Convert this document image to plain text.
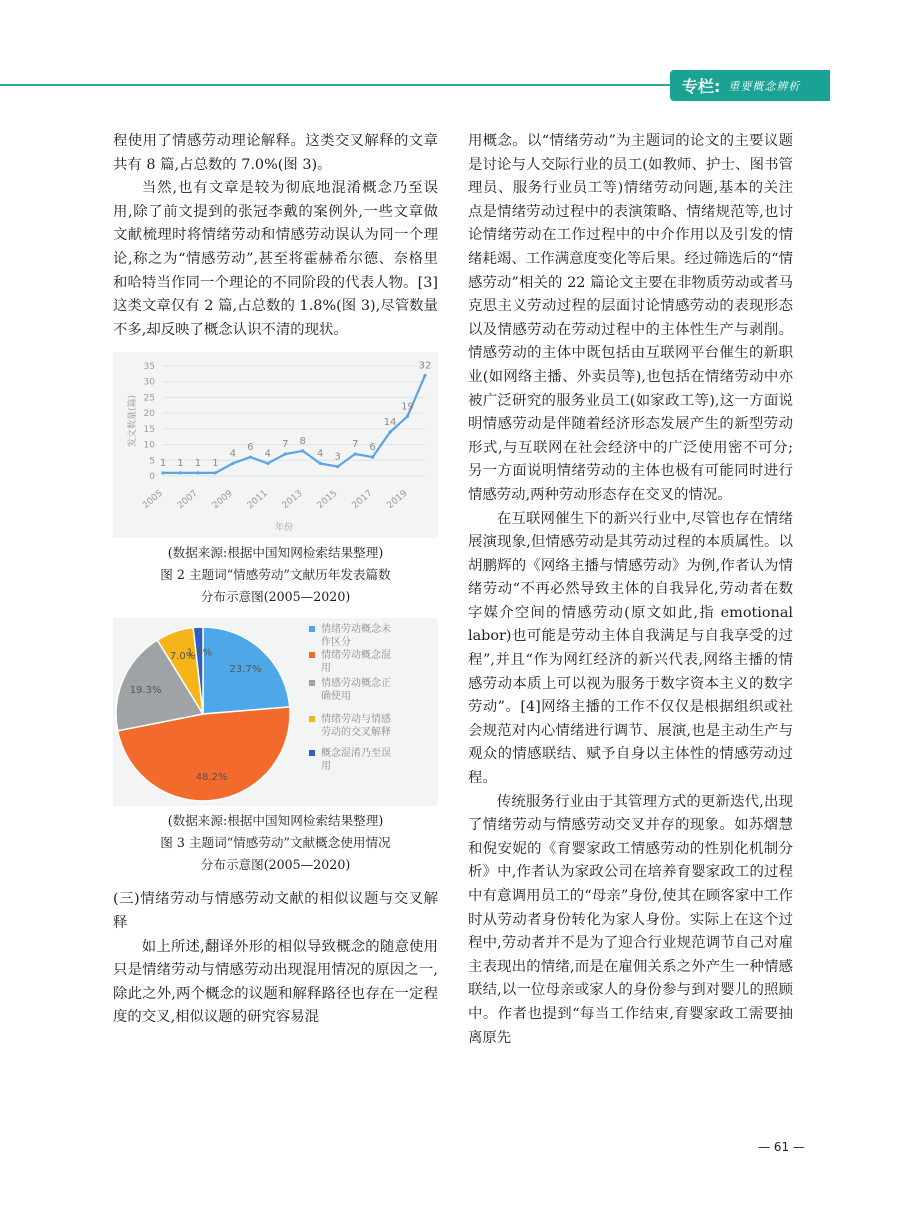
专栏: 重要概念辨析

程使用了情感劳动理论解释。这类交叉解释的文章共有 8 篇,占总数的 7.0%(图 3)。

当然,也有文章是较为彻底地混淆概念乃至误用,除了前文提到的张冠李戴的案例外,一些文章做文献梳理时将情绪劳动和情感劳动误认为同一个理论,称之为“情感劳动”,甚至将霍赫希尔德、奈格里和哈特当作同一个理论的不同阶段的代表人物。[3]这类文章仅有 2 篇,占总数的 1.8%(图 3),尽管数量不多,却反映了概念认识不清的现状。

0
5
10
15
20
25
30
35
2005 2007 2009 2011 2013 2015 2017 2019
发文数量(篇)
年份
1 1 1 1
4
6
4
7 8
4 3
7 6
14
19
32

(数据来源:根据中国知网检索结果整理)

图 2 主题词“情感劳动”文献历年发表篇数

分布示意图(2005—2020)

23.7%
48.2%
19.3%
7.0%
1.8%
情绪劳动概念未作区分
情绪劳动概念混用
情感劳动概念正确使用
情绪劳动与情感劳动的交叉解释
概念混淆乃至误用

(数据来源:根据中国知网检索结果整理)

图 3 主题词“情感劳动”文献概念使用情况

分布示意图(2005—2020)

(三)情绪劳动与情感劳动文献的相似议题与交叉解释

如上所述,翻译外形的相似导致概念的随意使用只是情绪劳动与情感劳动出现混用情况的原因之一,除此之外,两个概念的议题和解释路径也存在一定程度的交叉,相似议题的研究容易混

用概念。以“情绪劳动”为主题词的论文的主要议题是讨论与人交际行业的员工(如教师、护士、图书管理员、服务行业员工等)情绪劳动问题,基本的关注点是情绪劳动过程中的表演策略、情绪规范等,也讨论情绪劳动在工作过程中的中介作用以及引发的情绪耗竭、工作满意度变化等后果。经过筛选后的“情感劳动”相关的 22 篇论文主要在非物质劳动或者马克思主义劳动过程的层面讨论情感劳动的表现形态以及情感劳动在劳动过程中的主体性生产与剥削。情感劳动的主体中既包括由互联网平台催生的新职业(如网络主播、外卖员等),也包括在情绪劳动中亦被广泛研究的服务业员工(如家政工等),这一方面说明情感劳动是伴随着经济形态发展产生的新型劳动形式,与互联网在社会经济中的广泛使用密不可分;另一方面说明情绪劳动的主体也极有可能同时进行情感劳动,两种劳动形态存在交叉的情况。

在互联网催生下的新兴行业中,尽管也存在情绪展演现象,但情感劳动是其劳动过程的本质属性。以胡鹏辉的《网络主播与情感劳动》为例,作者认为情绪劳动“不再必然导致主体的自我异化,劳动者在数字媒介空间的情感劳动(原文如此,指 emotional labor)也可能是劳动主体自我满足与自我享受的过程”,并且“作为网红经济的新兴代表,网络主播的情感劳动本质上可以视为服务于数字资本主义的数字劳动”。[4]网络主播的工作不仅仅是根据组织或社会规范对内心情绪进行调节、展演,也是主动生产与观众的情感联结、赋予自身以主体性的情感劳动过程。

传统服务行业由于其管理方式的更新迭代,出现了情绪劳动与情感劳动交叉并存的现象。如苏熠慧和倪安妮的《育婴家政工情感劳动的性别化机制分析》中,作者认为家政公司在培养育婴家政工的过程中有意调用员工的“母亲”身份,使其在顾客家中工作时从劳动者身份转化为家人身份。实际上在这个过程中,劳动者并不是为了迎合行业规范调节自己对雇主表现出的情绪,而是在雇佣关系之外产生一种情感联结,以一位母亲或家人的身份参与到对婴儿的照顾中。作者也提到“每当工作结束,育婴家政工需要抽离原先

— 61 —
